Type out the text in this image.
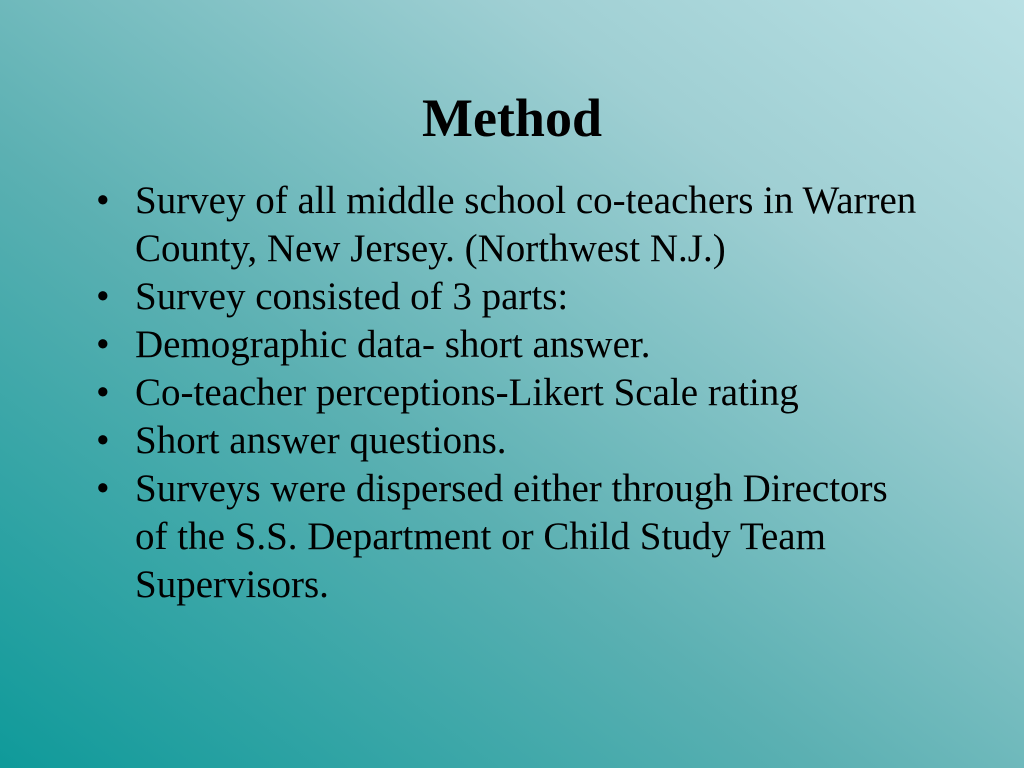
Method
• Survey of all middle school co-teachers in Warren County, New Jersey. (Northwest N.J.)
• Survey consisted of 3 parts:
• Demographic data- short answer.
• Co-teacher perceptions-Likert Scale rating
• Short answer questions.
• Surveys were dispersed either through Directors of the S.S. Department or Child Study Team Supervisors.
